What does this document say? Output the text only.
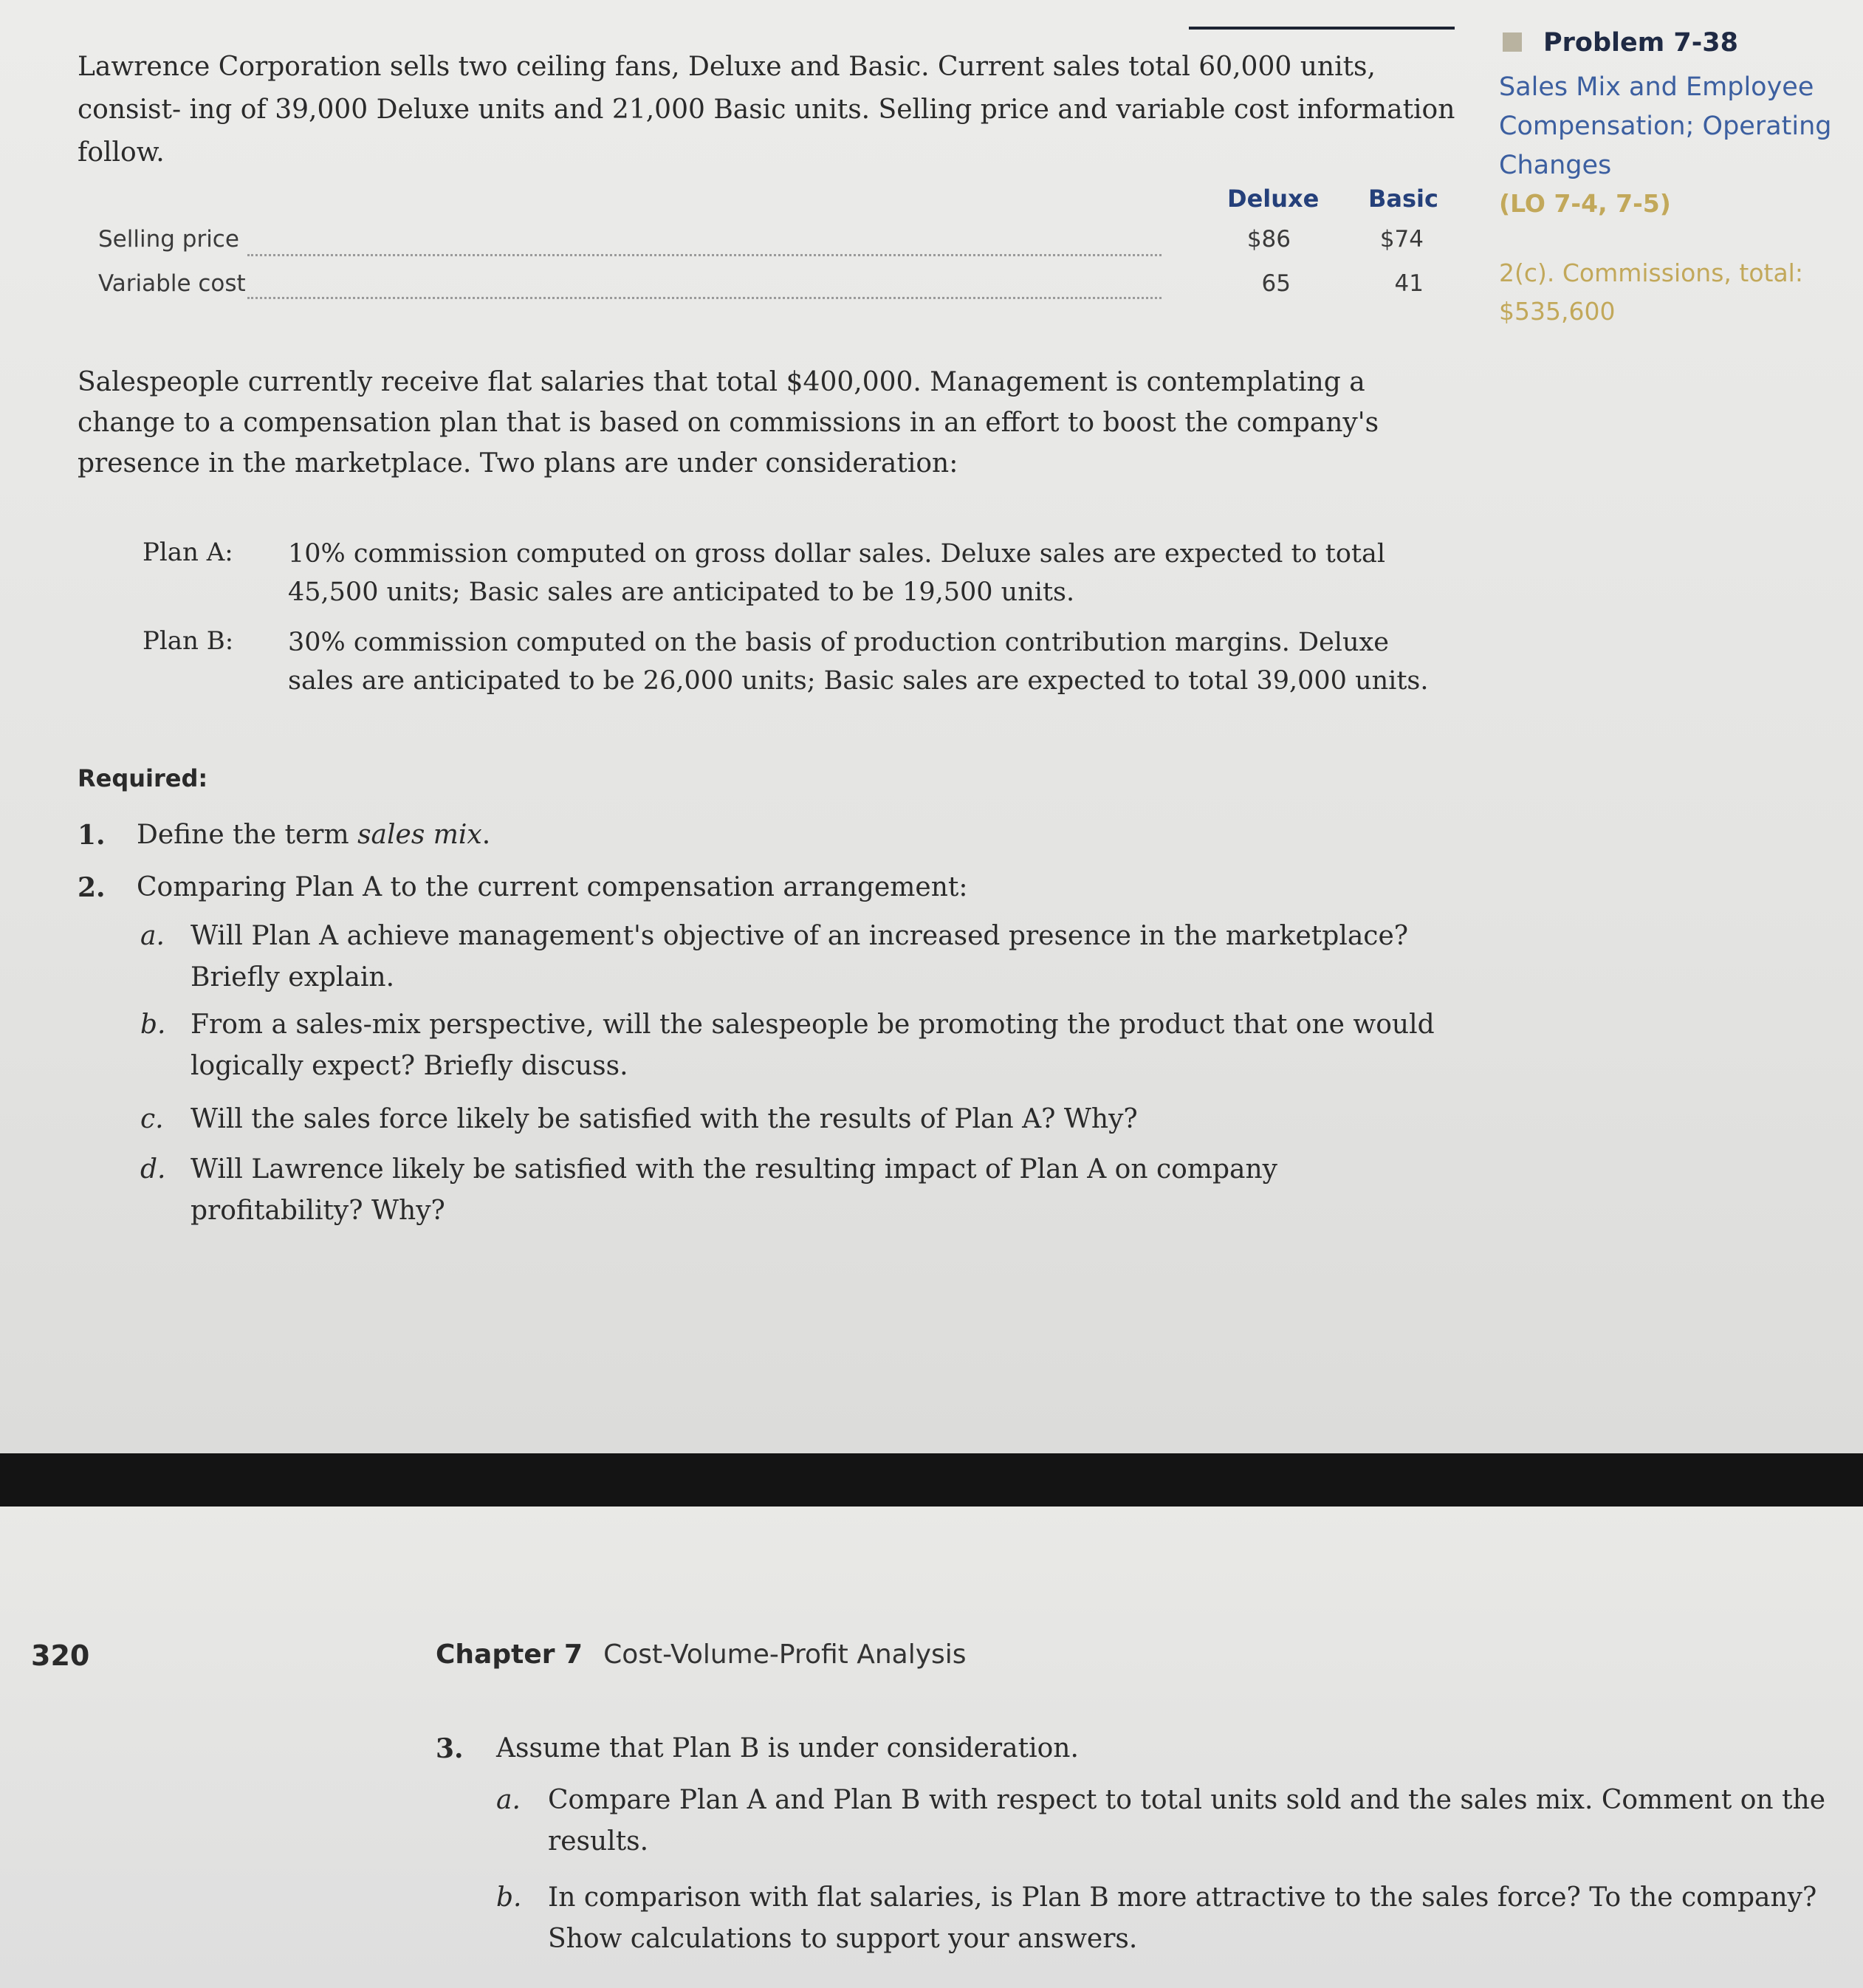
Lawrence Corporation sells two ceiling fans, Deluxe and Basic. Current sales total 60,000 units, consist- ing of 39,000 Deluxe units and 21,000 Basic units. Selling price and variable cost information follow.

Deluxe Basic
Selling price	$86	$74
Variable cost	65	41

Salespeople currently receive flat salaries that total $400,000. Management is contemplating a change to a compensation plan that is based on commissions in an effort to boost the company's presence in the marketplace. Two plans are under consideration:

Plan A: 10% commission computed on gross dollar sales. Deluxe sales are expected to total 45,500 units; Basic sales are anticipated to be 19,500 units.
Plan B: 30% commission computed on the basis of production contribution margins. Deluxe sales are anticipated to be 26,000 units; Basic sales are expected to total 39,000 units.
Required:
1. Define the term sales mix.
2. Comparing Plan A to the current compensation arrangement:
a. Will Plan A achieve management's objective of an increased presence in the marketplace? Briefly explain.
b. From a sales-mix perspective, will the salespeople be promoting the product that one would logically expect? Briefly discuss.
c. Will the sales force likely be satisfied with the results of Plan A? Why?
d. Will Lawrence likely be satisfied with the resulting impact of Plan A on company profitability? Why?
Problem 7-38
Sales Mix and Employee Compensation; Operating Changes
(LO 7-4, 7-5)
2(c). Commissions, total: $535,600
320	Chapter 7 Cost-Volume-Profit Analysis
3. Assume that Plan B is under consideration.
a. Compare Plan A and Plan B with respect to total units sold and the sales mix. Comment on the results.
b. In comparison with flat salaries, is Plan B more attractive to the sales force? To the company? Show calculations to support your answers.
